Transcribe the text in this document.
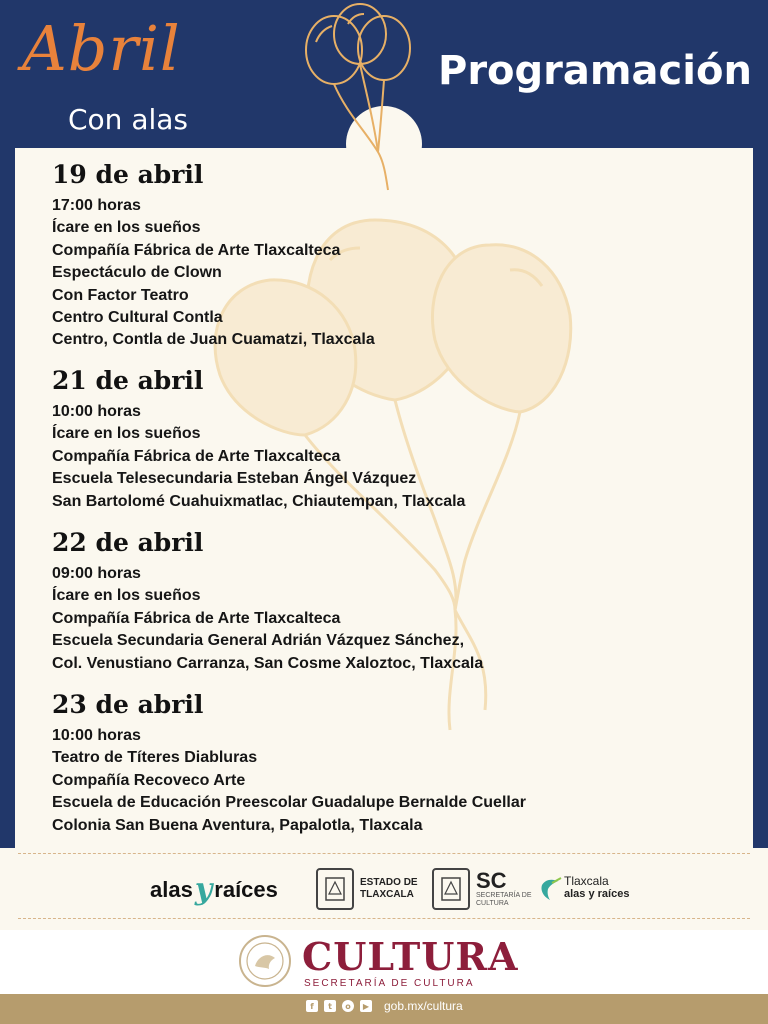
Abril
Con alas
Programación
19 de abril
17:00 horas
Ícare en los sueños
Compañía Fábrica de Arte Tlaxcalteca
Espectáculo de Clown
Con Factor Teatro
Centro Cultural Contla
Centro, Contla de Juan Cuamatzi, Tlaxcala
21 de abril
10:00 horas
Ícare en los sueños
Compañía Fábrica de Arte Tlaxcalteca
Escuela Telesecundaria Esteban Ángel Vázquez
San Bartolomé Cuahuixmatlac, Chiautempan, Tlaxcala
22 de abril
09:00 horas
Ícare en los sueños
Compañía Fábrica de Arte Tlaxcalteca
Escuela Secundaria General Adrián Vázquez Sánchez,
Col. Venustiano Carranza, San Cosme Xaloztoc, Tlaxcala
23 de abril
10:00 horas
Teatro de Títeres Diabluras
Compañía Recoveco Arte
Escuela de Educación Preescolar Guadalupe Bernalde Cuellar
Colonia San Buena Aventura, Papalotla, Tlaxcala
alas y raíces	ESTADO DE
TLAXCALA
SC
SECRETARÍA DE
CULTURA
Tlaxcala
alas y raíces
CULTURA
SECRETARÍA DE CULTURA
f	t	o	▶ gob.mx/cultura
